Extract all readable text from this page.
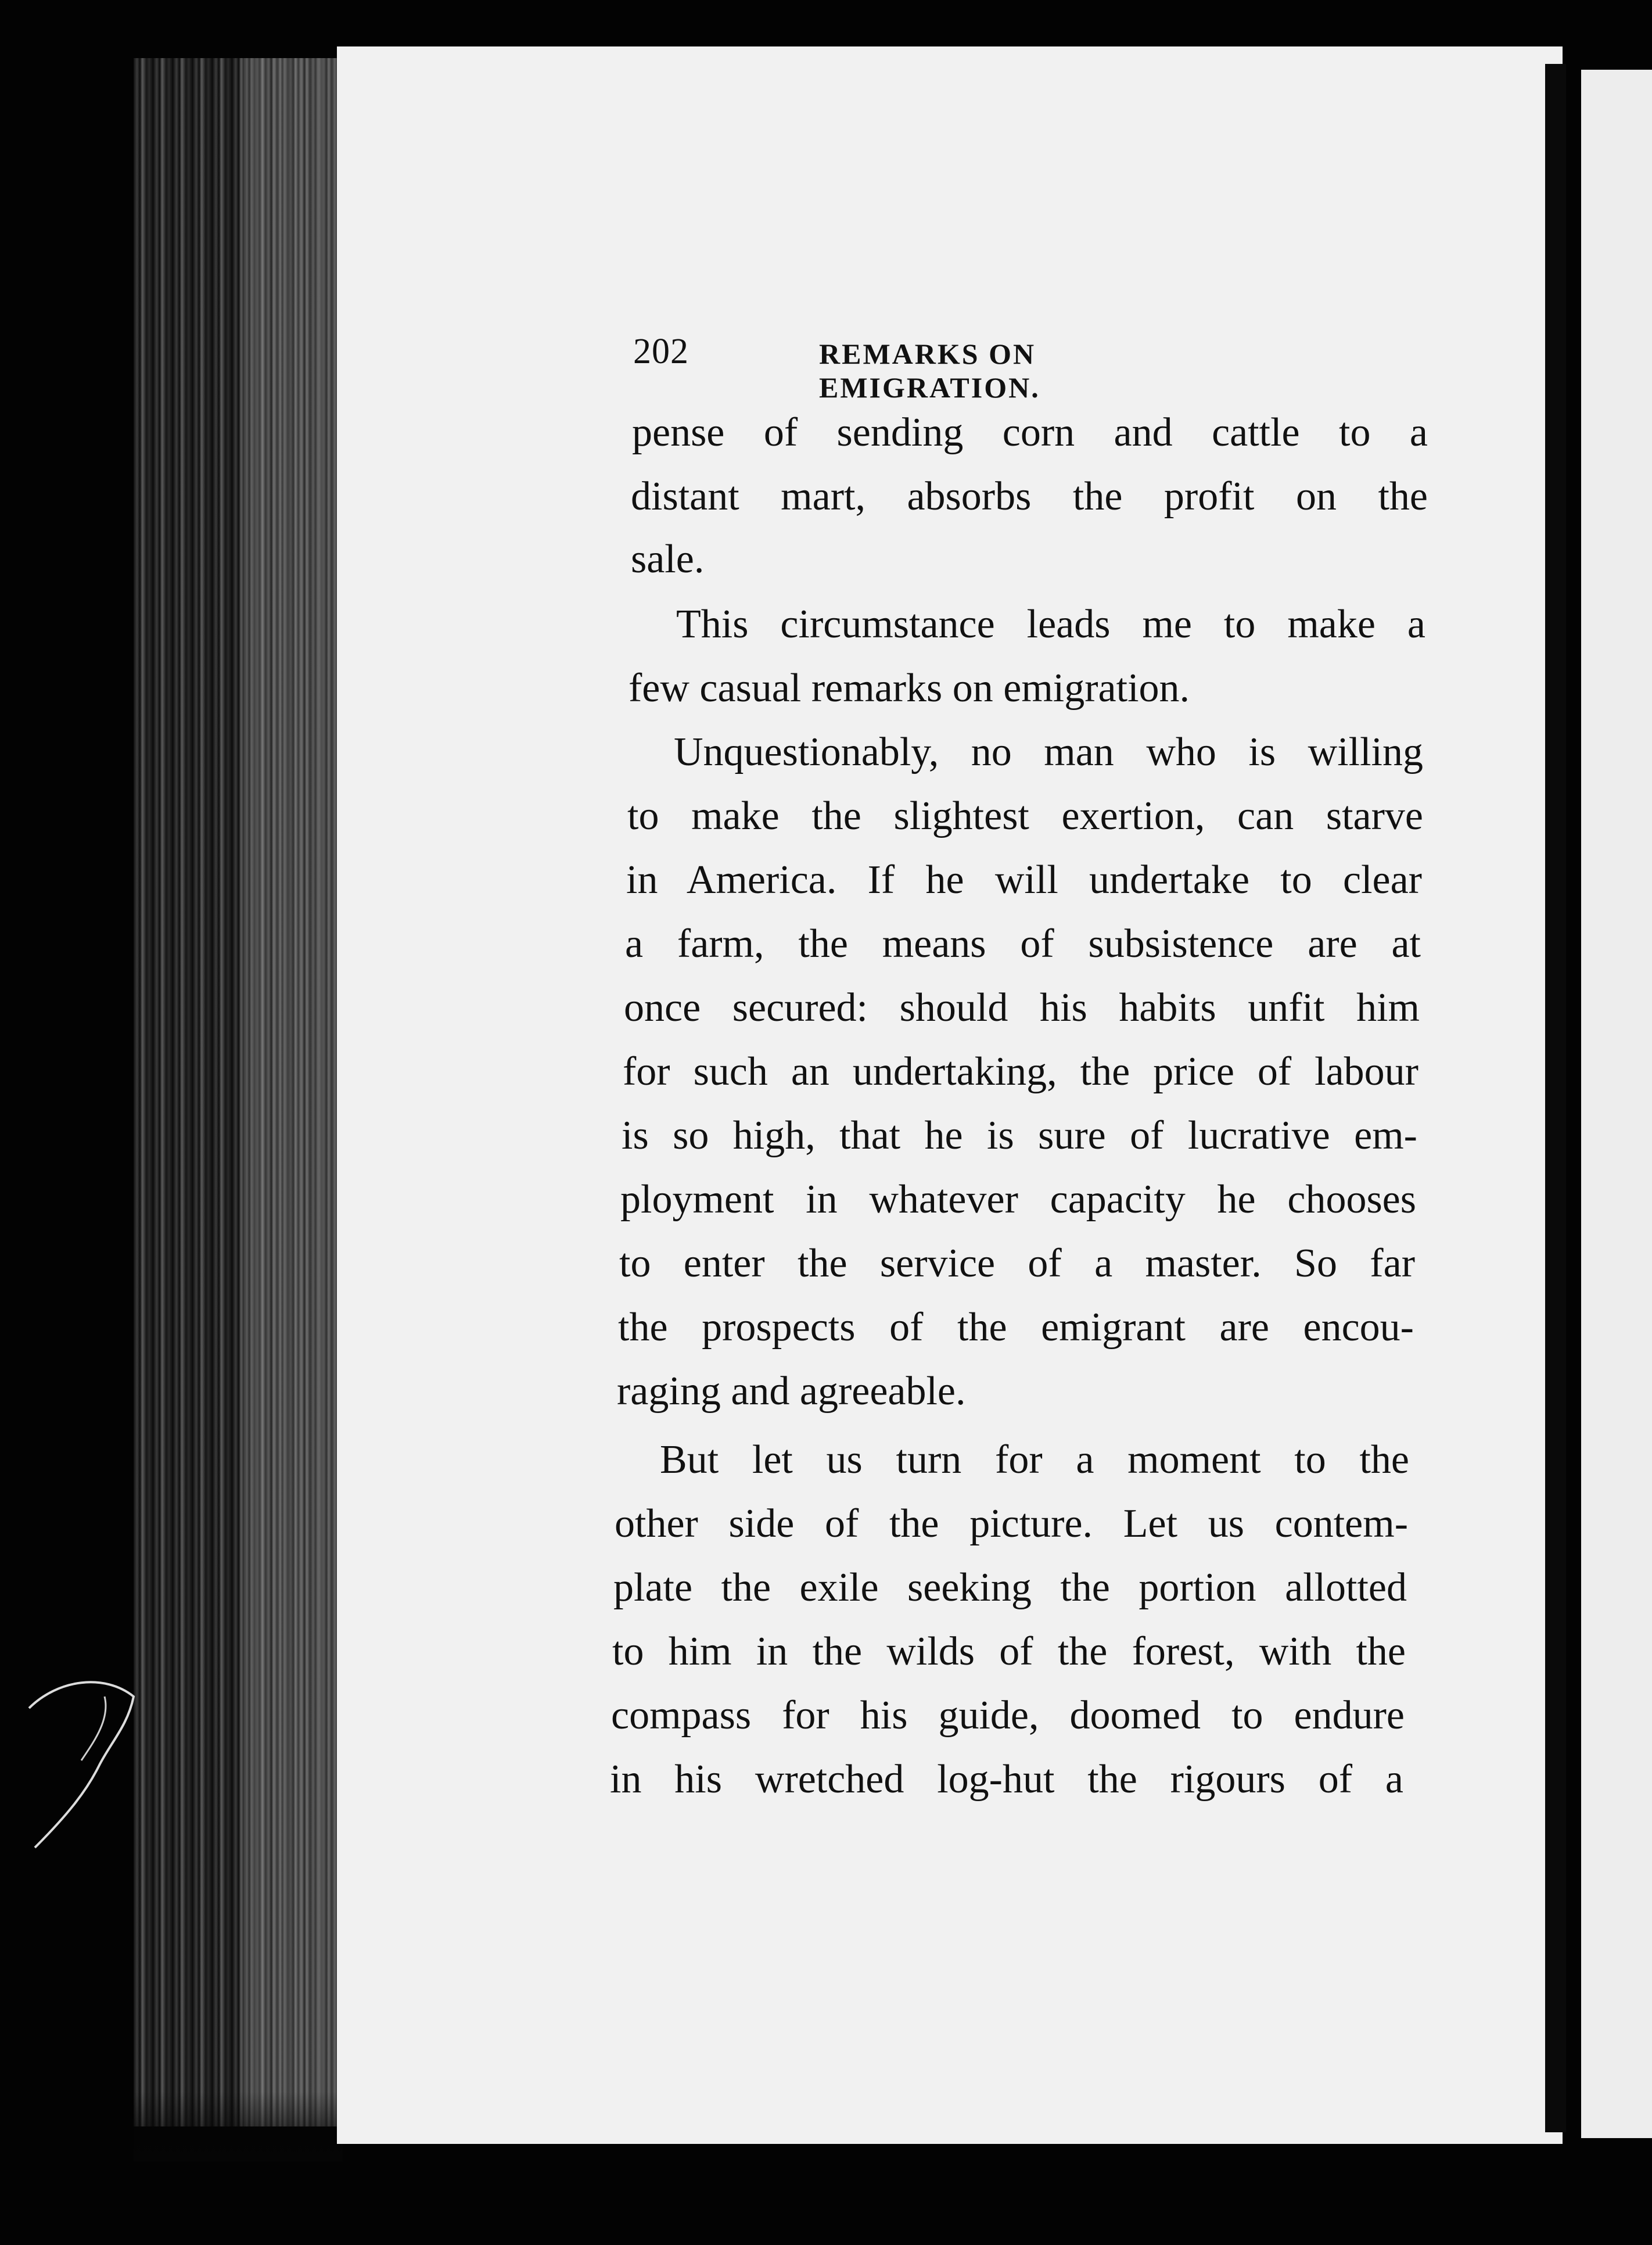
202	REMARKS ON EMIGRATION.
pense of sending corn and cattle to a
distant mart, absorbs the profit on the
sale.
This circumstance leads me to make a
few casual remarks on emigration.
Unquestionably, no man who is willing
to make the slightest exertion, can starve
in America. If he will undertake to clear
a farm, the means of subsistence are at
once secured: should his habits unfit him
for such an undertaking, the price of labour
is so high, that he is sure of lucrative em-
ployment in whatever capacity he chooses
to enter the service of a master. So far
the prospects of the emigrant are encou-
raging and agreeable.
But let us turn for a moment to the
other side of the picture. Let us contem-
plate the exile seeking the portion allotted
to him in the wilds of the forest, with the
compass for his guide, doomed to endure
in his wretched log-hut the rigours of a
